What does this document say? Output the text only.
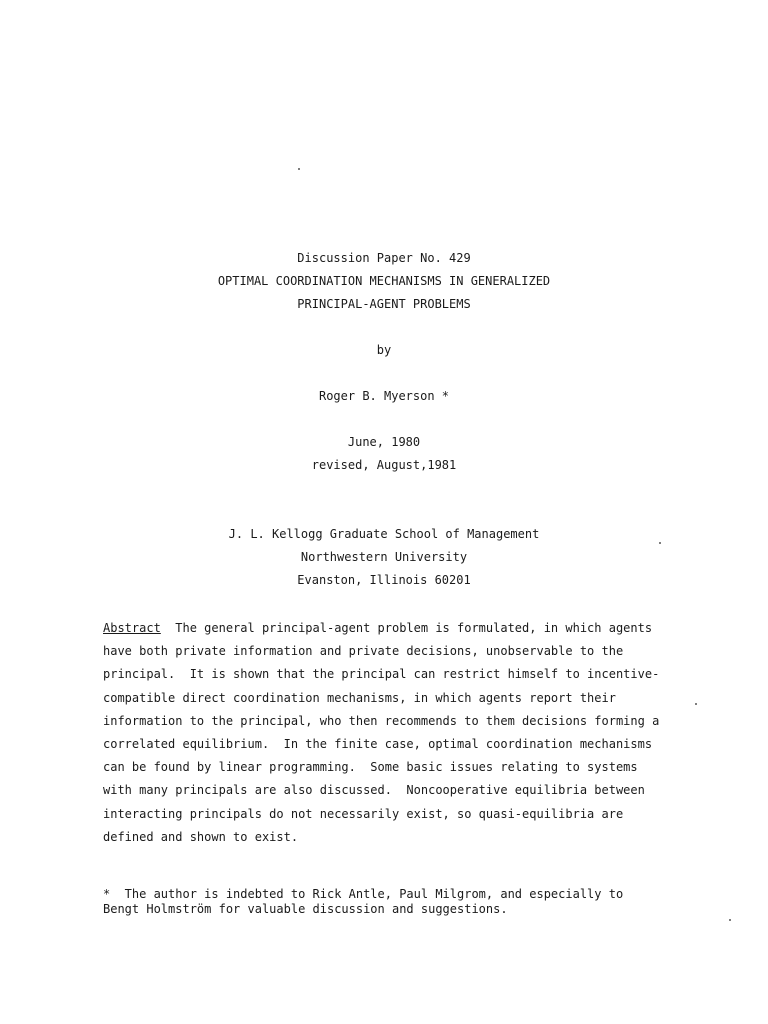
Discussion Paper No. 429
OPTIMAL COORDINATION MECHANISMS IN GENERALIZED
PRINCIPAL-AGENT PROBLEMS
by
Roger B. Myerson *
June, 1980
revised, August,1981
J. L. Kellogg Graduate School of Management
Northwestern University
Evanston, Illinois 60201
Abstract  The general principal-agent problem is formulated, in which agents
have both private information and private decisions, unobservable to the
principal.  It is shown that the principal can restrict himself to incentive-
compatible direct coordination mechanisms, in which agents report their
information to the principal, who then recommends to them decisions forming a
correlated equilibrium.  In the finite case, optimal coordination mechanisms
can be found by linear programming.  Some basic issues relating to systems
with many principals are also discussed.  Noncooperative equilibria between
interacting principals do not necessarily exist, so quasi-equilibria are
defined and shown to exist.
*  The author is indebted to Rick Antle, Paul Milgrom, and especially to
Bengt Holmström for valuable discussion and suggestions.
